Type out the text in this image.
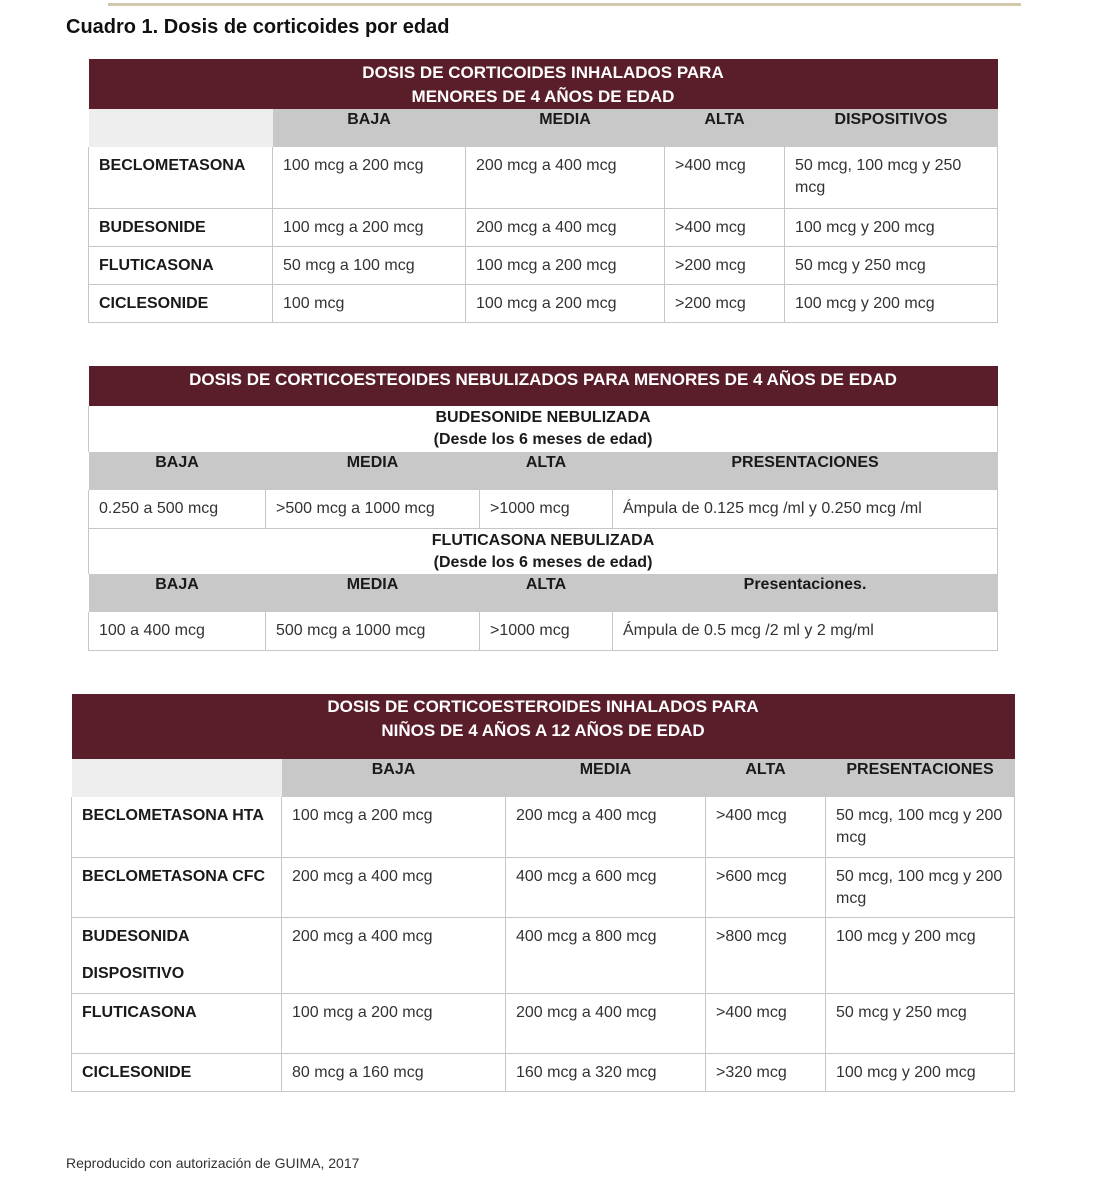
Cuadro 1. Dosis de corticoides por edad
DOSIS DE CORTICOIDES INHALADOS PARA
MENORES DE 4 AÑOS DE EDAD				

	BAJA	MEDIA	ALTA	DISPOSITIVOS
BECLOMETASONA	100 mcg a 200 mcg	200 mcg a 400 mcg	>400 mcg	50 mcg, 100 mcg y 250 mcg
BUDESONIDE	100 mcg a 200 mcg	200 mcg a 400 mcg	>400 mcg	100 mcg y 200 mcg
FLUTICASONA	50 mcg a 100 mcg	100 mcg a 200 mcg	>200 mcg	50 mcg y 250 mcg
CICLESONIDE	100 mcg	100 mcg a 200 mcg	>200 mcg	100 mcg y 200 mcg
DOSIS DE CORTICOESTEOIDES NEBULIZADOS PARA MENORES DE 4 AÑOS DE EDAD			

BUDESONIDE NEBULIZADA
(Desde los 6 meses de edad)			

BAJA	MEDIA	ALTA	PRESENTACIONES
0.250 a 500 mcg	>500 mcg a 1000 mcg	>1000 mcg	Ámpula de 0.125 mcg /ml y 0.250 mcg /ml

FLUTICASONA NEBULIZADA
(Desde los 6 meses de edad)			

BAJA	MEDIA	ALTA	Presentaciones.
100 a 400 mcg	500 mcg a 1000 mcg	>1000 mcg	Ámpula de 0.5 mcg /2 ml y 2 mg/ml
DOSIS DE CORTICOESTEROIDES INHALADOS PARA
NIÑOS DE 4 AÑOS A 12 AÑOS DE EDAD				

	BAJA	MEDIA	ALTA	PRESENTACIONES
BECLOMETASONA HTA	100 mcg a 200 mcg	200 mcg a 400 mcg	>400 mcg	50 mcg, 100 mcg y 200 mcg
BECLOMETASONA CFC	200 mcg a 400 mcg	400 mcg a 600 mcg	>600 mcg	50 mcg, 100 mcg y 200 mcg

BUDESONIDA
DISPOSITIVO	200 mcg a 400 mcg	400 mcg a 800 mcg	>800 mcg	100 mcg y 200 mcg
FLUTICASONA	100 mcg a 200 mcg	200 mcg a 400 mcg	>400 mcg	50 mcg y 250 mcg
CICLESONIDE	80 mcg a 160 mcg	160 mcg a 320 mcg	>320 mcg	100 mcg y 200 mcg
Reproducido con autorización de GUIMA, 2017
